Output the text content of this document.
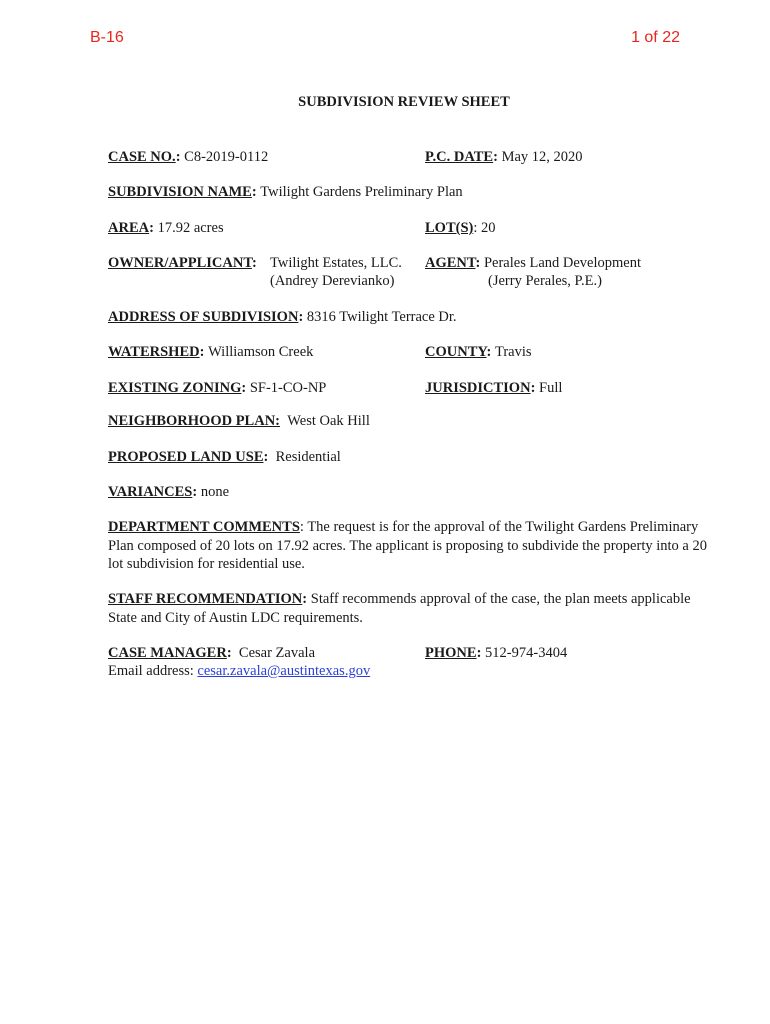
B-16	1 of 22
SUBDIVISION REVIEW SHEET
CASE NO.: C8-2019-0112	P.C. DATE: May 12, 2020
SUBDIVISION NAME: Twilight Gardens Preliminary Plan
AREA: 17.92 acres	LOT(S): 20
OWNER/APPLICANT: Twilight Estates, LLC.
(Andrey Derevianko)
AGENT: Perales Land Development
(Jerry Perales, P.E.)
ADDRESS OF SUBDIVISION: 8316 Twilight Terrace Dr.
WATERSHED: Williamson Creek	COUNTY: Travis
EXISTING ZONING: SF-1-CO-NP	JURISDICTION: Full
NEIGHBORHOOD PLAN: West Oak Hill
PROPOSED LAND USE: Residential
VARIANCES: none
DEPARTMENT COMMENTS: The request is for the approval of the Twilight Gardens Preliminary Plan composed of 20 lots on 17.92 acres. The applicant is proposing to subdivide the property into a 20 lot subdivision for residential use.
STAFF RECOMMENDATION: Staff recommends approval of the case, the plan meets applicable State and City of Austin LDC requirements.
CASE MANAGER: Cesar Zavala	PHONE: 512-974-3404
Email address: cesar.zavala@austintexas.gov
